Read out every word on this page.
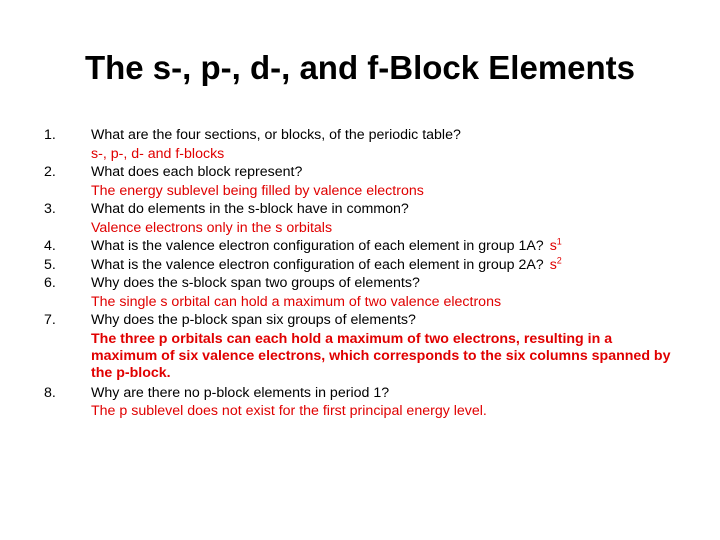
The s-, p-, d-, and f-Block Elements
1.	What are the four sections, or blocks, of the periodic table?
s-, p-, d- and f-blocks
2.	What does each block represent?
The energy sublevel being filled by valence electrons
3.	What do elements in the s-block have in common?
Valence electrons only in the s orbitals
4.	What is the valence electron configuration of each element in group 1A? $s^1$
5.	What is the valence electron configuration of each element in group 2A? $s^2$
6.	Why does the s-block span two groups of elements?
The single s orbital can hold a maximum of two valence electrons
7.	Why does the p-block span six groups of elements?
The three p orbitals can each hold a maximum of two electrons, resulting in a maximum of six valence electrons, which corresponds to the six columns spanned by the p-block.
8.	Why are there no p-block elements in period 1?
The p sublevel does not exist for the first principal energy level.
